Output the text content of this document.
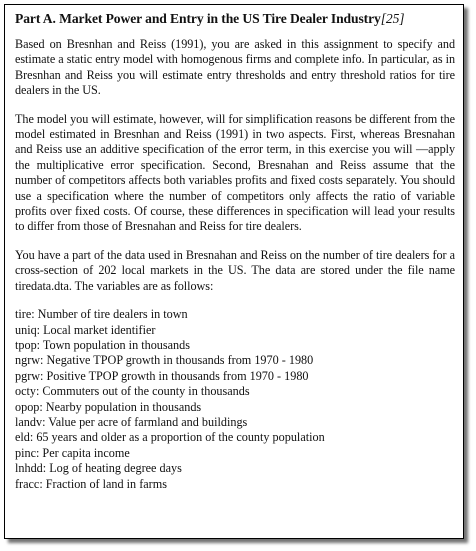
Part A. Market Power and Entry in the US Tire Dealer Industry[25]

Based on Bresnhan and Reiss (1991), you are asked in this assignment to specify and estimate a static entry model with homogenous firms and complete info. In particular, as in Bresnhan and Reiss you will estimate entry thresholds and entry threshold ratios for tire dealers in the US.

The model you will estimate, however, will for simplification reasons be different from the model estimated in Bresnhan and Reiss (1991) in two aspects. First, whereas Bresnahan and Reiss use an additive specification of the error term, in this exercise you will —apply the multiplicative error specification. Second, Bresnahan and Reiss assume that the number of competitors affects both variables profits and fixed costs separately. You should use a specification where the number of competitors only affects the ratio of variable profits over fixed costs. Of course, these differences in specification will lead your results to differ from those of Bresnahan and Reiss for tire dealers.

You have a part of the data used in Bresnahan and Reiss on the number of tire dealers for a cross-section of 202 local markets in the US. The data are stored under the file name tiredata.dta. The variables are as follows:

tire: Number of tire dealers in town
uniq: Local market identifier
tpop: Town population in thousands
ngrw: Negative TPOP growth in thousands from 1970 - 1980
pgrw: Positive TPOP growth in thousands from 1970 - 1980
octy: Commuters out of the county in thousands
opop: Nearby population in thousands
landv: Value per acre of farmland and buildings
eld: 65 years and older as a proportion of the county population
pinc: Per capita income
lnhdd: Log of heating degree days
fracc: Fraction of land in farms
